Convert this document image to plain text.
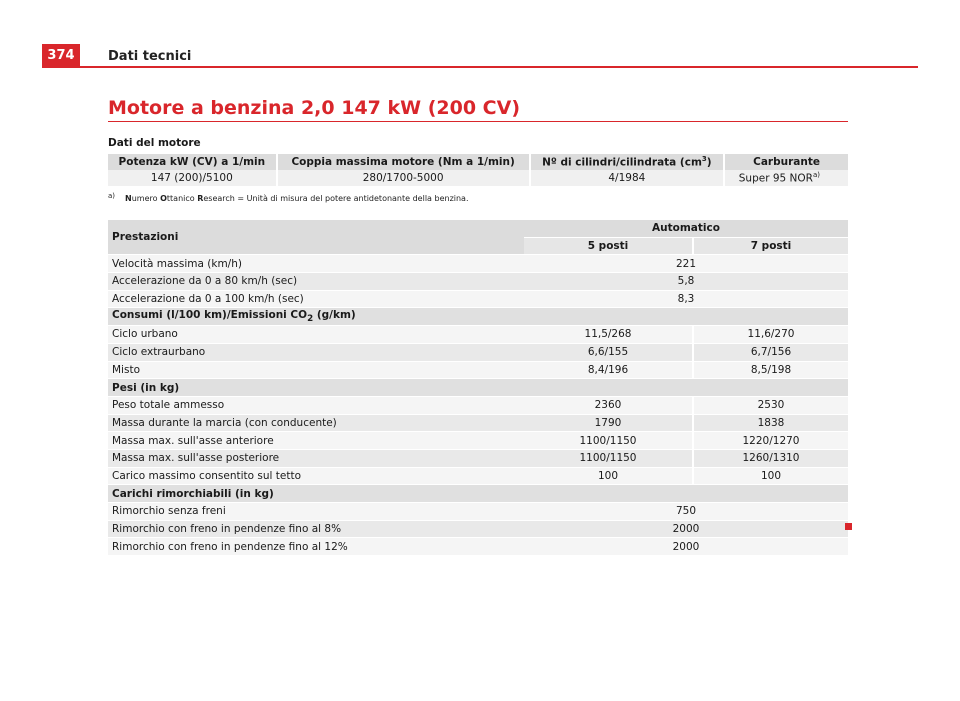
374	Dati tecnici
Motore a benzina 2,0 147 kW (200 CV)
Dati del motore
Potenza kW (CV) a 1/min	Coppia massima motore (Nm a 1/min)	Nº di cilindri/cilindrata $(cm^3)$	Carburante
147 (200)/5100	280/1700-5000	4/1984	Super 95 NOR$^{a)}$
a) Numero Ottanico Research = Unità di misura del potere antidetonante della benzina.
Prestazioni	Automatico	
	5 posti	7 posti
Velocità massima (km/h)	221	
Accelerazione da 0 a 80 km/h (sec)	5,8	
Accelerazione da 0 a 100 km/h (sec)	8,3	
Consumi (l/100 km)/Emissioni $CO_2$ (g/km)		
Ciclo urbano	11,5/268	11,6/270
Ciclo extraurbano	6,6/155	6,7/156
Misto	8,4/196	8,5/198
Pesi (in kg)		
Peso totale ammesso	2360	2530
Massa durante la marcia (con conducente)	1790	1838
Massa max. sull'asse anteriore	1100/1150	1220/1270
Massa max. sull'asse posteriore	1100/1150	1260/1310
Carico massimo consentito sul tetto	100	100
Carichi rimorchiabili (in kg)		
Rimorchio senza freni	750	
Rimorchio con freno in pendenze fino al 8%	2000	
Rimorchio con freno in pendenze fino al 12%	2000	
